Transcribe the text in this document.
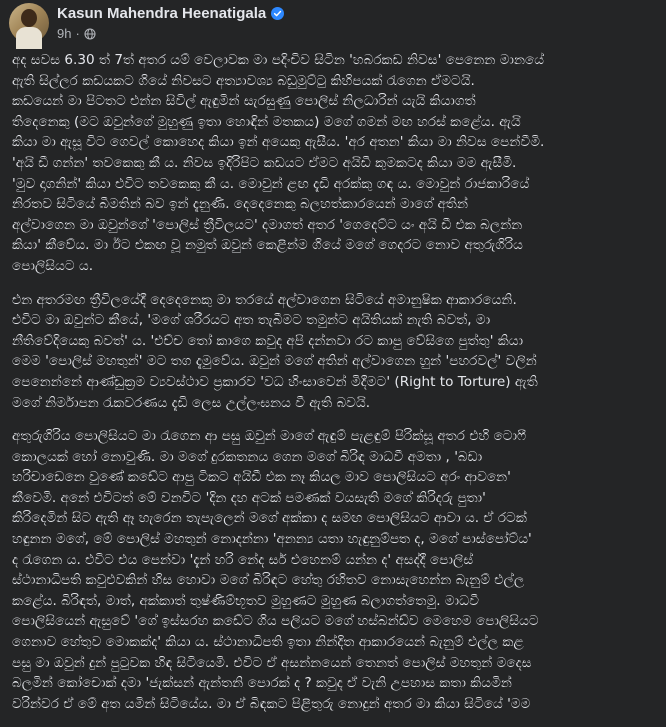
Kasun Mahendra Heenatigala
9h ·

අද සවස 6.30 ත් 7ත් අතර යම් වෙලාවක මා පදිංචිව සිටින 'හබරකඩ නිවස' පෙනෙන මානයේ
ඇති සිල්ලර කඩයකට ගියේ නිවසට අත්‍යාවශ්‍ය බඩුමුට්ටු කිහිපයක් රැගෙන ඒමටයි.
කඩයෙන් මා පිටතට එන්න සිවිල් ඇඳුමින් සැරසුණු පොලිස් නිලධාරින් යැයි කියාගත්
තිදෙනෙකු (මට ඔවුන්ගේ මුහුණු ඉතා හොඳින් මතකය) මගේ ගමන් මඟ හරස් කළේය. ඇයි
කියා මා ඇසූ විට ගෙවල් කොහෙද කියා ඉන් අයෙකු ඇසීය. 'අර අතන' කියා මා නිවස පෙන්වීමි.
'අයි ඩී ගන්න' තවකෙකු කී ය. නිවස ඉදිරිපිට කඩයට ඒමට අයිඩී කුමකටද කියා මම ඇසීමි.
'මුව දාගනින්' කියා එවිට තවකෙකු කී ය. මොවුන් ළඟ දැඩි අරක්කු ගඳ ය. මොවුන් රාජකාරියේ
නිරතව සිටියේ බීමතින් බව ඉන් දැනුණි. දෙදෙනෙකු බලහත්කාරයෙන් මාගේ අතින්
අල්වාගෙන මා ඔවුන්ගේ 'පොලිස් ත්‍රීවිලයට' දමාගත් අතර 'ගෙදෙට්ට යං අයි ඩී එක බලන්න
කියා' කීවේය. මා ඊට එකඟ වූ නමුත් ඔවුන් කෙළින්ම ගියේ මගේ ගෙදරට නොව අතුරුගිරිය
පොලිසියට ය.

එන අතරමඟ ත්‍රීවිලයේදී දෙදෙනෙකු මා තරයේ අල්වාගෙන සිටියේ අමානුෂික ආකාරයෙනි.
එවිට මා ඔවුන්ට කීයේ, 'මගේ ශරීරයට අත තැබීමට තමුන්ට අයිතියක් නැති බවත්, මා
නීතිවේදියෙකු බවත්' ය. 'එච්ච තෝ කාගෙ කවුද අපි දන්නවා රට කාපු වේසිගෙ පුත්තු' කියා
මෙම 'පොලිස් මහතුන්' මට තග දැමුවේය. ඔවුන් මගේ අතින් අල්වාගෙන හුන් 'පහරවල්' වලින්
පෙනෙන්නේ ආණ්ඩුක්‍රම ව්‍යවස්ථාව ප්‍රකාරව 'වධ හිංසාවෙන් මිදීමට' (Right to Torture) ඇති
මගේ නිර්මාපන රැකවරණය දැඩි ලෙස උල්ලංඝනය වී ඇති බවයි.

අතුරුගිරිය පොලිසියට මා රැගෙන ආ පසු ඔවුන් මාගේ ඇඳුම් පැළඳුම් පිරික්සූ අතර එහි ටොෆී
කොලයක් හෝ නොවුණි. මා මගේ දුරකතනය ගෙන මගේ බිරිඳ මාධවී අමතා , 'බඩා
හරිචාඩෙනෙ වුණේ කඩේට ආපු ටිකට අයිඩී එක නෑ කියල මාව පොලිසියට අරං ආවනෙ'
කීවෙමි. අනේ එවිටත් මේ වනවිට 'දින දහ අටක් පමණක් වයසැති මගේ කිරිදරු පුතා'
කිරිදෙමින් සිට ඇති ඈ හැරෙන තැපැලෙන් මගේ අක්කා ද සමඟ පොලිසියට ආවා ය. ඒ රටක්
හඳුනන මගේ, මේ පොලිස් මහතුන් නොදන්නා 'අනන්‍ය යතා හැඳුනුම්පත ද, මගේ පාස්පෝට්ය'
ද රැගෙන ය. එවිට එය පෙන්වා 'දැන් හරි නේද සර් එහෙනම් යන්න ද' අසද්දී පොලිස්
ස්ථානාධිපති කවුළුවකින් හිස හොවා මගේ බිරිඳට හේතු රහිතව නොසැහෙන්න බැනුම් එල්ල
කළේය. බිරිඳත්, මාත්, අක්කාත් තුෂ්ණිම්භූතව මුහුණට මුහුණ බලාගත්තෙමු. මාධවී
පොලිසියෙන් ඇසුවේ 'ගේ ඉස්සරහ කඩේට ගිය පලියට මගේ හස්බන්ඩ්ව මෙහෙම පොලිසියට
ගෙනාව හේතුව මොකක්ද' කියා ය. ස්ථානාධිපති ඉතා නින්දිත ආකාරයෙන් බැනුම් එල්ල කළ
පසු මා ඔවුන් දුන් පුටුවක හිඳ සිටියෙමි. එවිට ඒ අසන්නයෙන් තෙනත් පොලිස් මහතුන් මදෙස
බලමින් කෝචොක් දමා 'ජැක්සන් ඇන්තනි පොරක් ද ? කවුද ඒ වැනි උපහාස කතා කියමින්
වරින්වර ඒ මේ අත යමින් සිටියේය. මා ඒ බිඳකට පිළිතුරු නොදුන් අතර මා කියා සිටියේ 'මම
